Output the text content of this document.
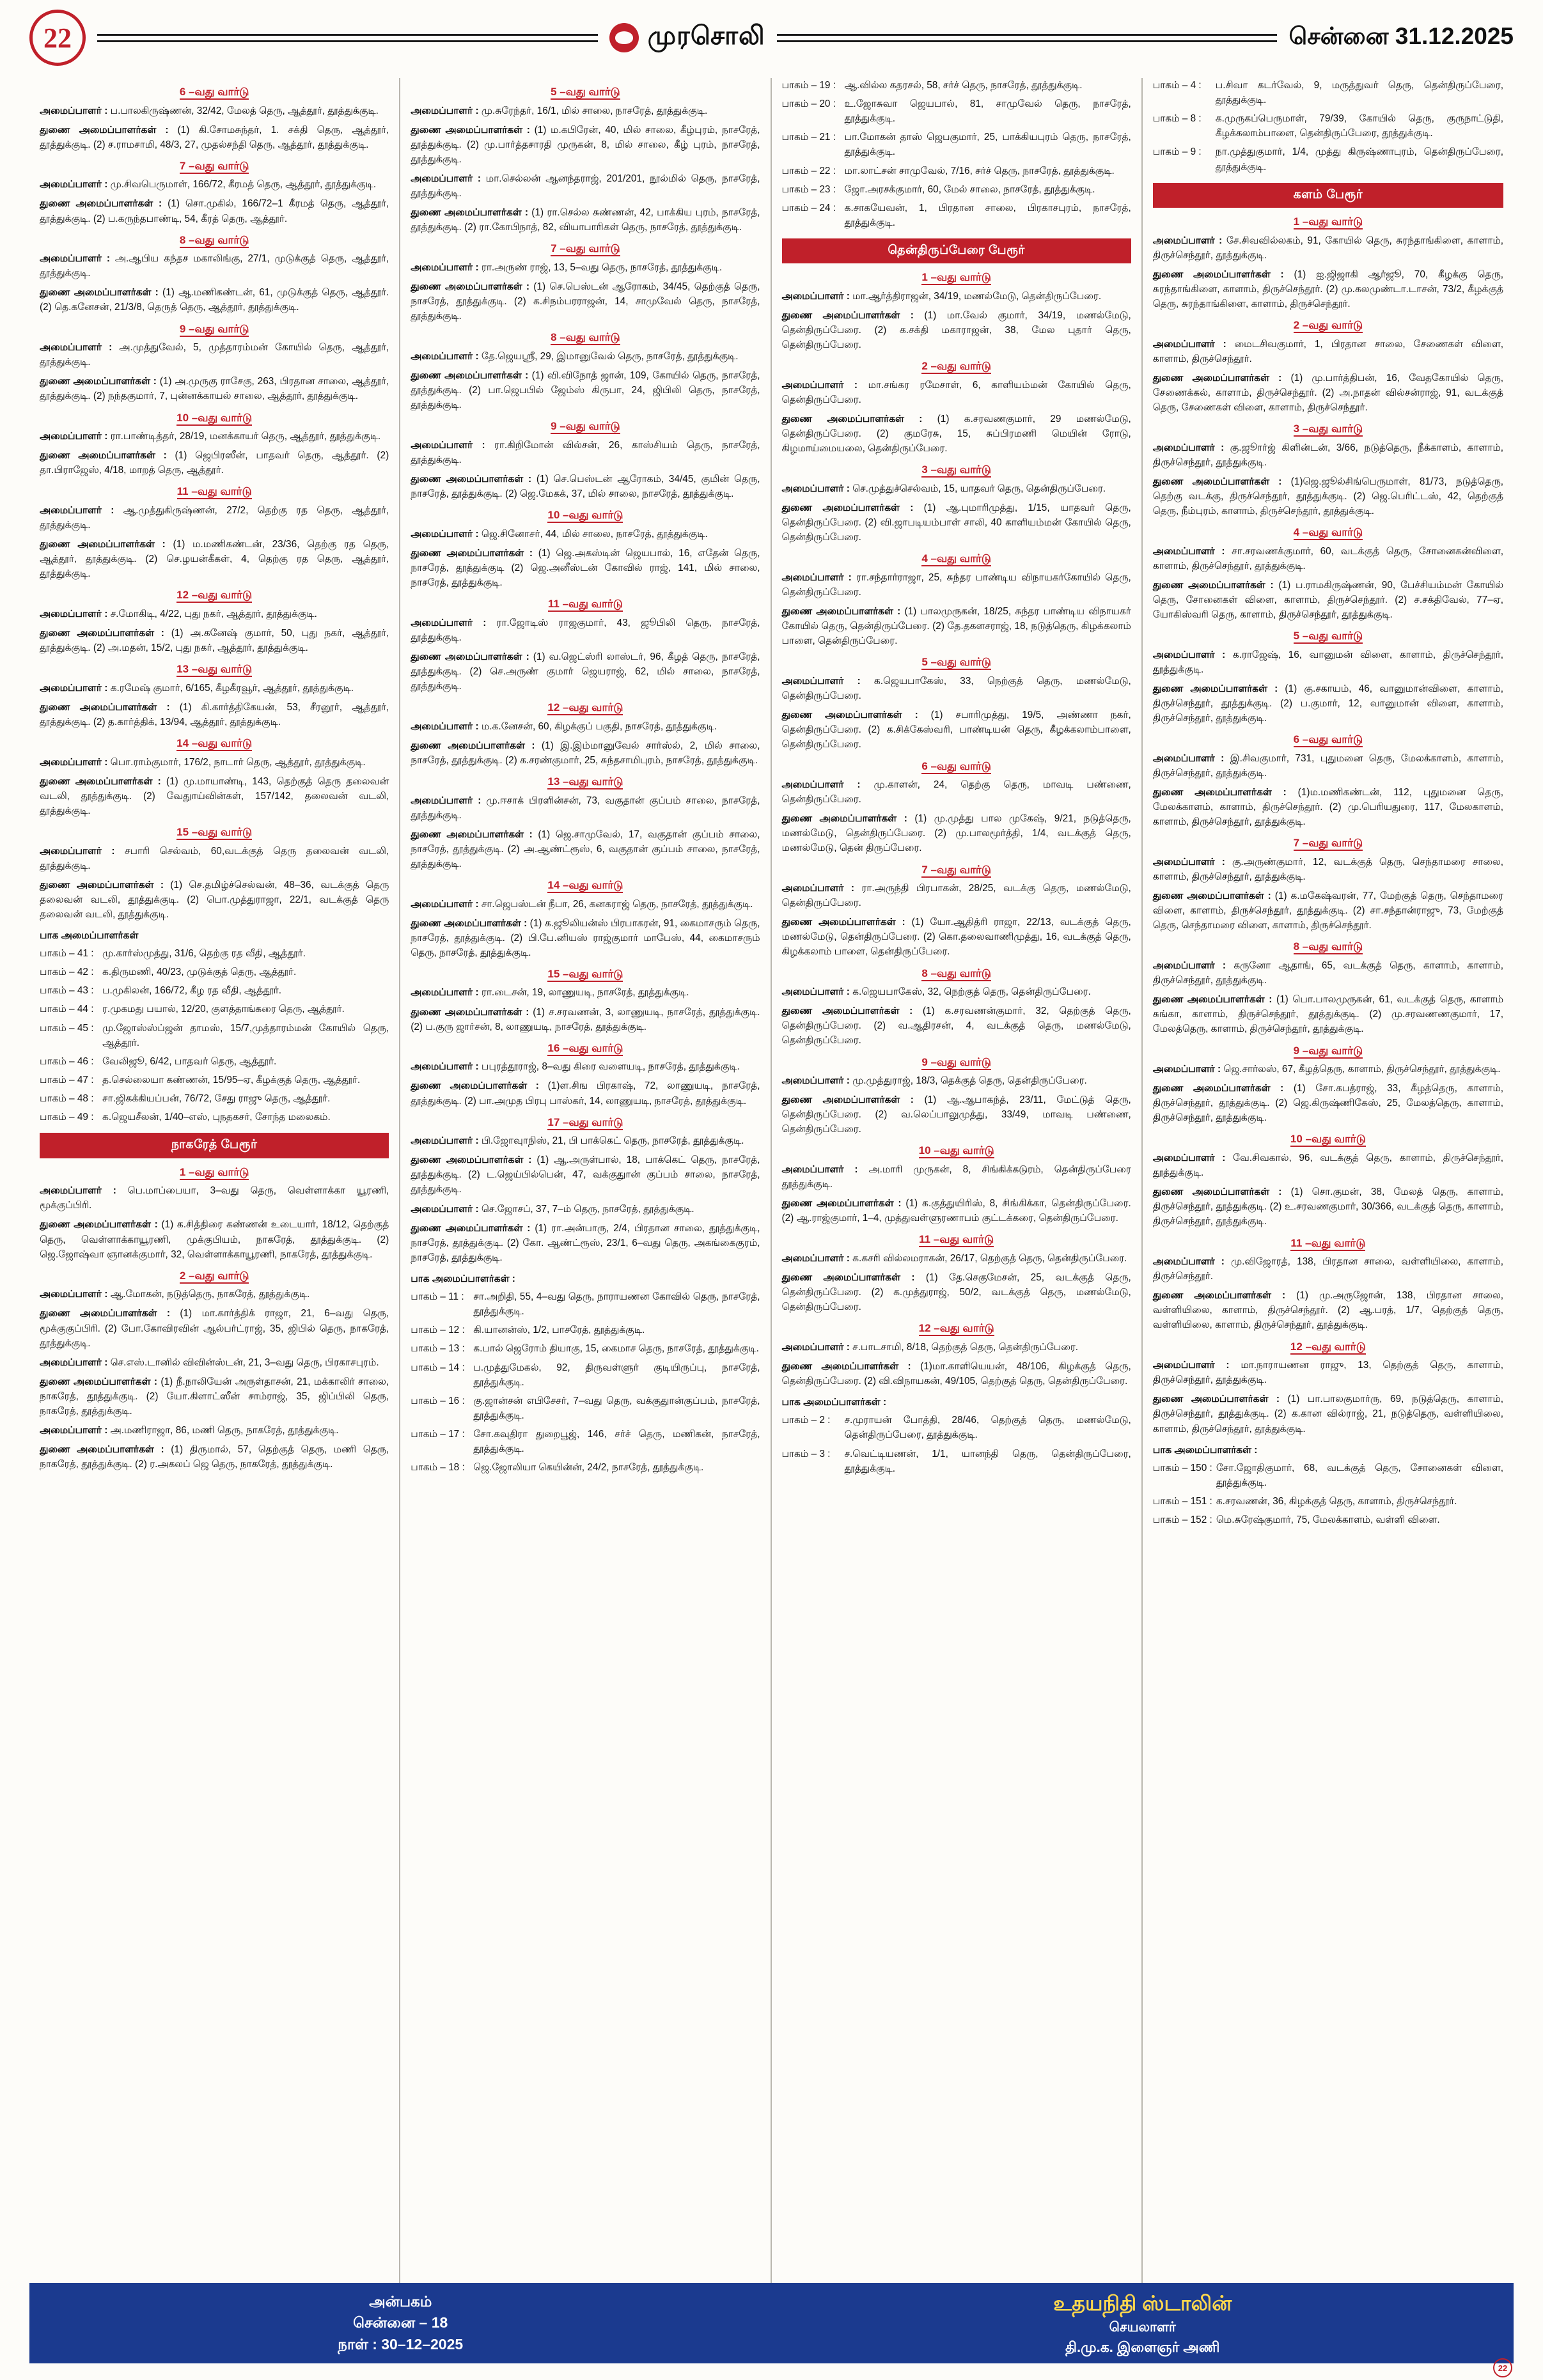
22	முரசொலி	சென்னை 31.12.2025
6 –வது வார்டு

அமைப்பாளர் : ப.பாலகிருஷ்ணன், 32/42, மேலத் தெரு, ஆத்தூர், தூத்துக்குடி.

துணை அமைப்பாளர்கள் : (1) கி.சோமசுந்தர், 1. சக்தி தெரு, ஆத்தூர், தூத்துக்குடி. (2) ச.ராமசாமி, 48/3, 27, முதல்சந்தி தெரு, ஆத்தூர், தூத்துக்குடி.

7 –வது வார்டு

அமைப்பாளர் : மு.சிவபெருமாள், 166/72, கீரமத் தெரு, ஆத்தூர், தூத்துக்குடி.

துணை அமைப்பாளர்கள் : (1) சொ.முகில், 166/72–1 கீரமத் தெரு, ஆத்தூர், தூத்துக்குடி. (2) ப.கருந்தபாண்டி, 54, கீரத் தெரு, ஆத்தூர்.

8 –வது வார்டு

அமைப்பாளர் : அ.ஆபிய கந்தச மகாலிங்கு, 27/1, முடுக்குத் தெரு, ஆத்தூர், தூத்துக்குடி.

துணை அமைப்பாளர்கள் : (1) ஆ.மணிகண்டன், 61, முடுக்குத் தெரு, ஆத்தூர். (2) தெ.கனேசன், 21/3/8, தெருத் தெரு, ஆத்தூர், தூத்துக்குடி.

9 –வது வார்டு

அமைப்பாளர் : அ.முத்துவேல், 5, முத்தாரம்மன் கோயில் தெரு, ஆத்தூர், தூத்துக்குடி.

துணை அமைப்பாளர்கள் : (1) அ.முருகு ராசேகு, 263, பிரதான சாலை, ஆத்தூர், தூத்துக்குடி. (2) நந்தகுமார், 7, புன்னக்காயல் சாலை, ஆத்தூர், தூத்துக்குடி.

10 –வது வார்டு

அமைப்பாளர் : ரா.பாண்டித்தர், 28/19, மனக்காயர் தெரு, ஆத்தூர், தூத்துக்குடி.

துணை அமைப்பாளர்கள் : (1) ஜெபிரஸீன், பாதவர் தெரு, ஆத்தூர். (2) தா.பிராஜேஸ், 4/18, மாறத் தெரு, ஆத்தூர்.

11 –வது வார்டு

அமைப்பாளர் : ஆ.முத்துகிருஷ்ணன், 27/2, தெற்கு ரத தெரு, ஆத்தூர், தூத்துக்குடி.

துணை அமைப்பாளர்கள் : (1) ம.மணிகண்டன், 23/36, தெற்கு ரத தெரு, ஆத்தூர், தூத்துக்குடி. (2) செ.ழயன்கீகள், 4, தெற்கு ரத தெரு, ஆத்தூர், தூத்துக்குடி.

12 –வது வார்டு

அமைப்பாளர் : ச.மோகிடி, 4/22, புது நகர், ஆத்தூர், தூத்துக்குடி.

துணை அமைப்பாளர்கள் : (1) அ.கனேஷ் குமார், 50, புது நகர், ஆத்தூர், தூத்துக்குடி. (2) அ.மதன், 15/2, புது நகர், ஆத்தூர், தூத்துக்குடி.

13 –வது வார்டு

அமைப்பாளர் : க.ரமேஷ் குமார், 6/165, கீழகீரவூர், ஆத்தூர், தூத்துக்குடி.

துணை அமைப்பாளர்கள் : (1) கி.கார்த்திகேயன், 53, சீரனூர், ஆத்தூர், தூத்துக்குடி. (2) த.கார்த்திக், 13/94, ஆத்தூர், தூத்துக்குடி.

14 –வது வார்டு

அமைப்பாளர் : பொ.ராம்குமார், 176/2, நாடார் தெரு, ஆத்தூர், தூத்துக்குடி.

துணை அமைப்பாளர்கள் : (1) மு.மாயாண்டி, 143, தெற்குத் தெரு தலைவன் வடலி, தூத்துக்குடி. (2) வேதுாய்வின்கள், 157/142, தலைவன் வடலி, தூத்துக்குடி.

15 –வது வார்டு

அமைப்பாளர் : சபாரி செல்வம், 60,வடக்குத் தெரு தலைவன் வடலி, தூத்துக்குடி.

துணை அமைப்பாளர்கள் : (1) செ.தமிழ்ச்செல்வன், 48–36, வடக்குத் தெரு தலைவன் வடலி, தூத்துக்குடி. (2) பொ.முத்துராஜா, 22/1, வடக்குத் தெரு தலைவன் வடலி, தூத்துக்குடி.

பாக அமைப்பாளர்கள்
பாகம் – 41 : மு.கார்ஸ்முத்து, 31/6, தெற்கு ரத வீதி, ஆத்தூர்.
பாகம் – 42 : க.திருமணி, 40/23, முடுக்குத் தெரு, ஆத்தூர்.
பாகம் – 43 : ப.முகிலன், 166/72, கீழ ரத வீதி, ஆத்தூர்.
பாகம் – 44 : ர.முகமது பயால், 12/20, குளத்தாங்கரை தெரு, ஆத்தூர்.
பாகம் – 45 : மு.ஜோஸ்ஸ்ப்ஜன் தாமஸ், 15/7,முத்தாரம்மன் கோயில் தெரு, ஆத்தூர்.
பாகம் – 46 : வேலிஜூ, 6/42, பாதவர் தெரு, ஆத்தூர்.
பாகம் – 47 : த.செல்லையா கண்ணன், 15/95–ஏ, கீழக்குத் தெரு, ஆத்தூர்.
பாகம் – 48 : சா.ஜிகக்கியப்பன், 76/72, சேது ராஜு தெரு, ஆத்தூர்.
பாகம் – 49 : க.ஜெயசீலன், 1/40–எஸ், புநதகசர், சோந்த மலைகம்.
நாகரேத் பேரூர்
1 –வது வார்டு

அமைப்பாளர் : பெ.மாப்பையா, 3–வது தெரு, வெள்ளாக்கா யூரணி, மூக்குப்பிரி.

துணை அமைப்பாளர்கள் : (1) க.சித்திரை கண்ணன் உடையார், 18/12, தெற்குத் தெரு, வெள்ளாக்காயூரணி, முக்குபியம், நாகரேத், தூத்துக்குடி. (2) ஜெ.ஜோஷ்வா ஞானக்குமார், 32, வெள்ளாக்காயூரணி, நாகரேத், தூத்துக்குடி.

2 –வது வார்டு

அமைப்பாளர் : ஆ.மோகன், நடுத்தெரு, நாகரேத், தூத்துக்குடி.

துணை அமைப்பாளர்கள் : (1) மா.கார்த்திக் ராஜா, 21, 6–வது தெரு, மூக்குகுப்பிரி. (2) போ.கோவிரவின் ஆல்பர்ட்ராஜ், 35, ஜிபில் தெரு, நாகரேத், தூத்துக்குடி.

அமைப்பாளர் : செ.எஸ்.டானில் விவின்ஸ்டன், 21, 3–வது தெரு, பிரகாசபுரம்.

துணை அமைப்பாளர்கள் : (1) நீ.நாலியேன் அருள்தாசன், 21, மக்காலிர் சாலை, நாகரேத், தூத்துக்குடி. (2) யோ.கிளாட்ஸீன் சாம்ராஜ், 35, ஜிப்பிலி தெரு, நாகரேத், தூத்துக்குடி.

அமைப்பாளர் : அ.மணிராஜா, 86, மணி தெரு, நாகரேத், தூத்துக்குடி.

துணை அமைப்பாளர்கள் : (1) திருமால், 57, தெற்குத் தெரு, மணி தெரு, நாகரேத், தூத்துக்குடி. (2) ர.அகலப் ஜெ தெரு, நாகரேத், தூத்துக்குடி.

5 –வது வார்டு

அமைப்பாளர் : மு.சுரேந்தர், 16/1, மில் சாலை, நாசரேத், தூத்துக்குடி.

துணை அமைப்பாளர்கள் : (1) ம.கபிரேன், 40, மில் சாலை, கீழ்புரம், நாசரேத், தூத்துக்குடி. (2) மு.பார்த்தசாரதி முருகன், 8, மில் சாலை, கீழ் புரம், நாசரேத், தூத்துக்குடி.

அமைப்பாளர் : மா.செல்லன் ஆனந்தராஜ், 201/201, நூல்மில் தெரு, நாசரேத், தூத்துக்குடி.

துணை அமைப்பாளர்கள் : (1) ரா.செல்ல சுண்ணன், 42, பாக்கிய புரம், நாசரேத், தூத்துக்குடி. (2) ரா.கோபிநாத், 82, வியாபாரிகள் தெரு, நாசரேத், தூத்துக்குடி.

7 –வது வார்டு

அமைப்பாளர் : ரா.அருண் ராஜ், 13, 5–வது தெரு, நாசரேத், தூத்துக்குடி.

துணை அமைப்பாளர்கள் : (1) செ.பெஸ்டன் ஆரோகம், 34/45, தெற்குத் தெரு, நாசரேத், தூத்துக்குடி. (2) க.சிநம்பரராஜன், 14, சாமுவேல் தெரு, நாசரேத், தூத்துக்குடி.

8 –வது வார்டு

அமைப்பாளர் : தே.ஜெயஸ்ரீ, 29, இமானுவேல் தெரு, நாசரேத், தூத்துக்குடி.

துணை அமைப்பாளர்கள் : (1) வி.விநோத் ஜான், 109, கோயில் தெரு, நாசரேத், தூத்துக்குடி. (2) பா.ஜெபபில் ஜேம்ஸ் கிருபா, 24, ஜிபிலி தெரு, நாசரேத், தூத்துக்குடி.

9 –வது வார்டு

அமைப்பாளர் : ரா.கிறிமோன் வில்சன், 26, காஸ்சியம் தெரு, நாசரேத், தூத்துக்குடி.

துணை அமைப்பாளர்கள் : (1) செ.பெஸ்டன் ஆரோகம், 34/45, குமின் தெரு, நாசரேத், தூத்துக்குடி. (2) ஜெ.மேகக், 37, மில் சாலை, நாசரேத், தூத்துக்குடி.

10 –வது வார்டு

அமைப்பாளர் : ஜெ.சினோசர், 44, மில் சாலை, நாசரேத், தூத்துக்குடி.

துணை அமைப்பாளர்கள் : (1) ஜெ.அகஸ்டின் ஜெயபால், 16, எதேன் தெரு, நாசரேத், தூத்துக்குடி (2) ஜெ.அனீஸ்டன் கோவில் ராஜ், 141, மில் சாலை, நாசரேத், தூத்துக்குடி.

11 –வது வார்டு

அமைப்பாளர் : ரா.ஜோடிஸ் ராஜகுமார், 43, ஜூபிலி தெரு, நாசரேத், தூத்துக்குடி.

துணை அமைப்பாளர்கள் : (1) வ.ஜெட்ஸ்ரி லாஸ்டர், 96, கீழத் தெரு, நாசரேத், தூத்துக்குடி. (2) செ.அருண் குமார் ஜெயராஜ், 62, மில் சாலை, நாசரேத், தூத்துக்குடி.

12 –வது வார்டு

அமைப்பாளர் : ம.க.னேசன், 60, கிழக்குப் பகுதி, நாசரேத், தூத்துக்குடி.

துணை அமைப்பாளர்கள் : (1) இ.இம்மானுவேல் சார்ஸ்ல், 2, மில் சாலை, நாசரேத், தூத்துக்குடி. (2) க.சரண்குமார், 25, சுந்தசாமிபுரம், நாசரேத், தூத்துக்குடி.

13 –வது வார்டு

அமைப்பாளர் : மு.ஈசாக் பிரளின்சன், 73, வகுதான் குப்பம் சாலை, நாசரேத், தூத்துக்குடி.

துணை அமைப்பாளர்கள் : (1) ஜெ.சாமுவேல், 17, வகுதான் குப்பம் சாலை, நாசரேத், தூத்துக்குடி. (2) அ.ஆண்ட்ரூஸ், 6, வகுதான் குப்பம் சாலை, நாசரேத், தூத்துக்குடி.

14 –வது வார்டு

அமைப்பாளர் : சா.ஜெபஸ்டன் நீபா, 26, கனகராஜ் தெரு, நாசரேத், தூத்துக்குடி.

துணை அமைப்பாளர்கள் : (1) க.ஜூலியன்ஸ் பிரபாகரன், 91, கைமாசரும் தெரு, நாசரேத், தூத்துக்குடி. (2) பி.பே.னியஸ் ராஜ்குமார் மாபேஸ், 44, கைமாசரும் தெரு, நாசரேத், தூத்துக்குடி.

15 –வது வார்டு

அமைப்பாளர் : ரா.டைசன், 19, லாணுயடி, நாசரேத், தூத்துக்குடி.

துணை அமைப்பாளர்கள் : (1) ச.சரவணன், 3, லாணுயடி, நாசரேத், தூத்துக்குடி. (2) ப.குரு ஜார்சன், 8, லாணுயடி, நாசரேத், தூத்துக்குடி.

16 –வது வார்டு

அமைப்பாளர் : பபுரத்தூராஜ், 8–வது கிரை வளையடி, நாசரேத், தூத்துக்குடி.

துணை அமைப்பாளர்கள் : (1)ள.சிங பிரகாஷ், 72, லாணுயடி, நாசரேத், தூத்துக்குடி. (2) பா.அமுத பிரபு பாஸ்கர், 14, லாணுயடி, நாசரேத், தூத்துக்குடி.

17 –வது வார்டு

அமைப்பாளர் : பி.ஜோவுாநிஸ், 21, பி பாக்கெட் தெரு, நாசரேத், தூத்துக்குடி.

துணை அமைப்பாளர்கள் : (1) ஆ.அருள்பால், 18, பாக்கெட் தெரு, நாசரேத், தூத்துக்குடி. (2) ட.ஜெய்பில்பென், 47, வக்குதுான் குப்பம் சாலை, நாசரேத், தூத்துக்குடி.

அமைப்பாளர் : செ.ஜோசப், 37, 7–ம் தெரு, நாசரேத், தூத்துக்குடி.

துணை அமைப்பாளர்கள் : (1) ரா.அன்பாரு, 2/4, பிரதான சாலை, தூத்துக்குடி, நாசரேத், தூத்துக்குடி. (2) கோ. ஆண்ட்ரூஸ், 23/1, 6–வது தெரு, அகங்கைகுரம், நாசரேத், தூத்துக்குடி.

பாக அமைப்பாளர்கள் :
பாகம் – 11 : சா.அறிதி, 55, 4–வது தெரு, நாராயணன கோவில் தெரு, நாசரேத், தூத்துக்குடி.
பாகம் – 12 : கி.யானன்ஸ், 1/2, பாசரேத், தூத்துக்குடி.
பாகம் – 13 : க.பால் ஜெரோம் தியாகு, 15, கைமாச தெரு, நாசரேத், தூத்துக்குடி.
பாகம் – 14 : ப.முத்துமேகல், 92, திருவள்ளுர் குடியிருப்பு, நாசரேத், தூத்துக்குடி.
பாகம் – 16 : கு.ஜான்சன் எபிசேசர், 7–வது தெரு, வக்குதுான்குப்பம், நாசரேத், தூத்துக்குடி.
பாகம் – 17 : சோ.கவுதிரா துறைபூஜ், 146, சர்ச் தெரு, மணிகன், நாசரேத், தூத்துக்குடி.
பாகம் – 18 : ஜெ.ஜோலியா கெயின்ன், 24/2, நாசரேத், தூத்துக்குடி.
பாகம் – 19 : ஆ.வில்ல கதரசல், 58, சர்ச் தெரு, நாசரேத், தூத்துக்குடி.
பாகம் – 20 : உ.ஜோசுவா ஜெயபால், 81, சாமுவேல் தெரு, நாசரேத், தூத்துக்குடி.
பாகம் – 21 : பா.மோகன் தாஸ் ஜெபகுமார், 25, பாக்கியபுரம் தெரு, நாசரேத், தூத்துக்குடி.
பாகம் – 22 : மா.லாட்சன் சாமுவேல், 7/16, சர்ச் தெரு, நாசரேத், தூத்துக்குடி.
பாகம் – 23 : ஜோ.அரசக்குமார், 60, மேல் சாலை, நாசரேத், தூத்துக்குடி.
பாகம் – 24 : க.சாகயேவன், 1, பிரதான சாலை, பிரகாசபுரம், நாசரேத், தூத்துக்குடி.
தென்திருப்பேரை பேரூர்
1 –வது வார்டு

அமைப்பாளர் : மா.ஆர்த்திராஜன், 34/19, மணல்மேடு, தென்திருப்பேரை.

துணை அமைப்பாளர்கள் : (1) மா.வேல் குமார், 34/19, மணல்மேடு, தென்திருப்பேரை. (2) க.சக்தி மகாராஜன், 38, மேல புதார் தெரு, தென்திருப்பேரை.

2 –வது வார்டு

அமைப்பாளர் : மா.சங்கர ரமேசாள், 6, காளியம்மன் கோயில் தெரு, தென்திருப்பேரை.

துணை அமைப்பாளர்கள் : (1) க.சரவணகுமார், 29 மணல்மேடு, தென்திருப்பேரை. (2) குமரேசு, 15, சுப்பிரமணி மெயின் ரோடு, கிழமாய்மையலை, தென்திருப்பேரை.

3 –வது வார்டு

அமைப்பாளர் : செ.முத்துச்செல்வம், 15, யாதவர் தெரு, தென்திருப்பேரை.

துணை அமைப்பாளர்கள் : (1) ஆ.புமாரிமுத்து, 1/15, யாதவர் தெரு, தென்திருப்பேரை. (2) வி.ஜாபடியம்பாள் சாலி, 40 காளியம்மன் கோயில் தெரு, தென்திருப்பேரை.

4 –வது வார்டு

அமைப்பாளர் : ரா.சந்தார்ராஜா, 25, சுந்தர பாண்டிய விநாயகர்கோயில் தெரு, தென்திருப்பேரை.

துணை அமைப்பாளர்கள் : (1) பாலமுருகன், 18/25, சுந்தர பாண்டிய விநாயகர் கோயில் தெரு, தென்திருப்பேரை. (2) தே.தகளசராஜ், 18, நடுத்தெரு, கிழக்கலாம் பாளை, தென்திருப்பேரை.

5 –வது வார்டு

அமைப்பாளர் : க.ஜெயபாகேஸ், 33, நெற்குத் தெரு, மணல்மேடு, தென்திருப்பேரை.

துணை அமைப்பாளர்கள் : (1) சபாரிமுத்து, 19/5, அண்ணா நகர், தென்திருப்பேரை. (2) க.சிக்கேஸ்வரி, பாண்டியன் தெரு, கீழக்கலாம்பாளை, தென்திருப்பேரை.

6 –வது வார்டு

அமைப்பாளர் : மு.காளன், 24, தெற்கு தெரு, மாவடி பண்ணை, தென்திருப்பேரை.

துணை அமைப்பாளர்கள் : (1) மு.முத்து பால முகேஷ், 9/21, நடுத்தெரு, மணல்மேடு, தென்திருப்பேரை. (2) மு.பாலமூர்த்தி, 1/4, வடக்குத் தெரு, மணல்மேடு, தென் திருப்பேரை.

7 –வது வார்டு

அமைப்பாளர் : ரா.அருந்தி பிரபாகன், 28/25, வடக்கு தெரு, மணல்மேடு, தென்திருப்பேரை.

துணை அமைப்பாளர்கள் : (1) யோ.ஆதித்ரி ராஜா, 22/13, வடக்குத் தெரு, மணல்மேடு, தென்திருப்பேரை. (2) கொ.தலைவாணிமுத்து, 16, வடக்குத் தெரு, கிழக்கலாம் பாளை, தென்திருப்பேரை.

8 –வது வார்டு

அமைப்பாளர் : க.ஜெயபாகேஸ், 32, நெற்குத் தெரு, தென்திருப்பேரை.

துணை அமைப்பாளர்கள் : (1) க.சரவணன்குமார், 32, தெற்குத் தெரு, தென்திருப்பேரை. (2) வ.ஆதிரசன், 4, வடக்குத் தெரு, மணல்மேடு, தென்திருப்பேரை.

9 –வது வார்டு

அமைப்பாளர் : மு.முத்துராஜ், 18/3, தெக்குத் தெரு, தென்திருப்பேரை.

துணை அமைப்பாளர்கள் : (1) ஆ.ஆபாகந்த், 23/11, மேட்டுத் தெரு, தென்திருப்பேரை. (2) வ.லெப்பாலுமுத்து, 33/49, மாவடி பண்ணை, தென்திருப்பேரை.

10 –வது வார்டு

அமைப்பாளர் : அ.மாரி முருகன், 8, சிங்கிக்கடுரம், தென்திருப்பேரை தூத்துக்குடி.

துணை அமைப்பாளர்கள் : (1) க.குத்துயிரிஸ், 8, சிங்கிக்கா, தென்திருப்பேரை. (2) ஆ.ராஜ்குமார், 1–4, முத்துவள்ளுரணாபம் குட்டக்கரை, தென்திருப்பேரை.

11 –வது வார்டு

அமைப்பாளர் : க.கசரி வில்லமராகன், 26/17, தெற்குத் தெரு, தென்திருப்பேரை.

துணை அமைப்பாளர்கள் : (1) தே.செகுமேசன், 25, வடக்குத் தெரு, தென்திருப்பேரை. (2) க.முத்துராஜ், 50/2, வடக்குத் தெரு, மணல்மேடு, தென்திருப்பேரை.

12 –வது வார்டு

அமைப்பாளர் : ச.பாடசாமி, 8/18, தெற்குத் தெரு, தென்திருப்பேரை.

துணை அமைப்பாளர்கள் : (1)மா.காளியெயன், 48/106, கிழக்குத் தெரு, தென்திருப்பேரை. (2) வி.விநாயகன், 49/105, தெற்குத் தெரு, தென்திருப்பேரை.

பாக அமைப்பாளர்கள் :
பாகம் – 2 :	ச.முராயன் போத்தி, 28/46, தெற்குத் தெரு, மணல்மேடு, தென்திருப்பேரை, தூத்துக்குடி.
பாகம் – 3 :	ச.வெட்டியணன், 1/1, யானந்தி தெரு, தென்திருப்பேரை, தூத்துக்குடி.
பாகம் – 4 :	ப.சிவா கடர்வேல், 9, மருத்துவர் தெரு, தென்திருப்பேரை, தூத்துக்குடி.
பாகம் – 8 :	க.முருகப்பெருமாள், 79/39, கோயில் தெரு, குருநாட்டுதி, கீழக்கலாம்பாளை, தென்திருப்பேரை, தூத்துக்குடி.
பாகம் – 9 :	நா.முத்துகுமார், 1/4, முத்து கிருஷ்ணாபுரம், தென்திருப்பேரை, தூத்துக்குடி.
களம் பேரூர்
1 –வது வார்டு

அமைப்பாளர் : சே.சிவவில்லகம், 91, கோயில் தெரு, சுரந்தாங்கிளை, காளாம், திருச்செந்தூர், தூத்துக்குடி.

துணை அமைப்பாளர்கள் : (1) ஐ.ஜிஜாகி ஆர்ஜூ, 70, கீழக்கு தெரு, சுரந்தாங்கிளை, காளாம், திருச்செந்தூர். (2) மு.கலமுண்டா.டாசன், 73/2, கீழக்குத் தெரு, சுரந்தாங்கிளை, காளாம், திருச்செந்தூர்.

2 –வது வார்டு

அமைப்பாளர் : மைடசிவகுமார், 1, பிரதான சாலை, சேணைகள் விளை, காளாம், திருச்செந்தூர்.

துணை அமைப்பாளர்கள் : (1) மு.பார்த்திபன், 16, வேதகோயில் தெரு, சேணைக்கல், காளாம், திருச்செந்தூர். (2) அ.நாதன் வில்சன்ராஜ், 91, வடக்குத் தெரு, சேணைகள் விளை, காளாம், திருச்செந்தூர்.

3 –வது வார்டு

அமைப்பாளர் : கு.ஜூார்ஜ் கிளின்டன், 3/66, நடுத்தெரு, நீக்காளம், காளாம், திருச்செந்தூர், தூத்துக்குடி.

துணை அமைப்பாளர்கள் : (1)ஜெ.ஜூல்சிங்பெருமாள், 81/73, நடுத்தெரு, தெற்கு வடக்கு, திருச்செந்தூர், தூத்துக்குடி. (2) ஜெ.பெரிட்டஸ், 42, தெற்குத் தெரு, நீம்புரம், காளாம், திருச்செந்தூர், தூத்துக்குடி.

4 –வது வார்டு

அமைப்பாளர் : சா.சரவணக்குமார், 60, வடக்குத் தெரு, சோனைகன்விளை, காளாம், திருச்செந்தூர், தூத்துக்குடி.

துணை அமைப்பாளர்கள் : (1) ப.ராமகிருஷ்ணன், 90, பேச்சியம்மன் கோயில் தெரு, சோனைகள் விளை, காளாம், திருச்செந்தூர். (2) ச.சக்திவேல், 77–ஏ, யோகிஸ்வரி தெரு, காளாம், திருச்செந்தூர், தூத்துக்குடி.

5 –வது வார்டு

அமைப்பாளர் : க.ராஜேஷ், 16, வானுமன் விளை, காளாம், திருச்செந்தூர், தூத்துக்குடி.

துணை அமைப்பாளர்கள் : (1) கு.சகாயம், 46, வானுமான்விளை, காளாம், திருச்செந்தூர், தூத்துக்குடி. (2) ப.குமார், 12, வானுமான் விளை, காளாம், திருச்செந்தூர், தூத்துக்குடி.

6 –வது வார்டு

அமைப்பாளர் : இ.சிவகுமார், 731, புதுமனை தெரு, மேலக்காளம், காளாம், திருச்செந்தூர், தூத்துக்குடி.

துணை அமைப்பாளர்கள் : (1)ம.மணிகண்டன், 112, புதுமனை தெரு, மேலக்காளம், காளாம், திருச்செந்தூர். (2) மு.பெரியதுரை, 117, மேலகாளம், காளாம், திருச்செந்தூர், தூத்துக்குடி.

7 –வது வார்டு

அமைப்பாளர் : கு.அருண்குமார், 12, வடக்குத் தெரு, செந்தாமரை சாலை, காளாம், திருச்செந்தூர், தூத்துக்குடி.

துணை அமைப்பாளர்கள் : (1) க.மகேஷ்வரன், 77, மேற்குத் தெரு, செந்தாமரை விளை, காளாம், திருச்செந்தூர், தூத்துக்குடி. (2) சா.சந்தான்ராஜு, 73, மேற்குத் தெரு, செந்தாமரை விளை, காளாம், திருச்செந்தூர்.

8 –வது வார்டு

அமைப்பாளர் : கருனோ ஆதாங், 65, வடக்குத் தெரு, காளாம், காளாம், திருச்செந்தூர், தூத்துக்குடி.

துணை அமைப்பாளர்கள் : (1) பொ.பாலமுருகன், 61, வடக்குத் தெரு, காளாம் சுங்கா, காளாம், திருச்செந்தூர், தூத்துக்குடி. (2) மு.சரவணணகுமார், 17, மேலத்தெரு, காளாம், திருச்செந்தூர், தூத்துக்குடி.

9 –வது வார்டு

அமைப்பாளர் : ஜெ.சார்லஸ், 67, கீழத்தெரு, காளாம், திருச்செந்தூர், தூத்துக்குடி.

துணை அமைப்பாளர்கள் : (1) சோ.கபத்ராஜ், 33, கீழத்தெரு, காளாம், திருச்செந்தூர், தூத்துக்குடி. (2) ஜெ.கிருஷ்ணிகேஸ், 25, மேலத்தெரு, காளாம், திருச்செந்தூர், தூத்துக்குடி.

10 –வது வார்டு

அமைப்பாளர் : வே.சிவகால், 96, வடக்குத் தெரு, காளாம், திருச்செந்தூர், தூத்துக்குடி.

துணை அமைப்பாளர்கள் : (1) சொ.குமன், 38, மேலத் தெரு, காளாம், திருச்செந்தூர், தூத்துக்குடி. (2) உ.சரவணகுமார், 30/366, வடக்குத் தெரு, காளாம், திருச்செந்தூர், தூத்துக்குடி.

11 –வது வார்டு

அமைப்பாளர் : மு.விஜோரத், 138, பிரதான சாலை, வள்ளியிலை, காளாம், திருச்செந்தூர்.

துணை அமைப்பாளர்கள் : (1) மு.அருஜோன், 138, பிரதான சாலை, வள்ளியிலை, காளாம், திருச்செந்தூர். (2) ஆ.பரத், 1/7, தெற்குத் தெரு, வள்ளியிலை, காளாம், திருச்செந்தூர், தூத்துக்குடி.

12 –வது வார்டு

அமைப்பாளர் : மா.நாராயணன ராஜு, 13, தெற்குத் தெரு, காளாம், திருச்செந்தூர், தூத்துக்குடி.

துணை அமைப்பாளர்கள் : (1) பா.பாலகுமார்ரு, 69, நடுத்தெரு, காளாம், திருச்செந்தூர், தூத்துக்குடி. (2) க.கான வில்ராஜ், 21, நடுத்தெரு, வள்ளியிலை, காளாம், திருச்செந்தூர், தூத்துக்குடி.

பாக அமைப்பாளர்கள் :
பாகம் – 150 : சோ.ஜோதிகுமார், 68, வடக்குத் தெரு, சோனைகள் விளை, தூத்துக்குடி.
பாகம் – 151 : க.சரவணன், 36, கிழக்குத் தெரு, காளாம், திருச்செந்தூர்.
பாகம் – 152 : மெ.சுரேஷ்குமார், 75, மேலக்காளம், வள்ளி விளை.
அன்பகம்
சென்னை – 18
நாள் : 30–12–2025
உதயநிதி ஸ்டாலின்
செயலாளர்
தி.மு.க. இளைஞர் அணி
22
